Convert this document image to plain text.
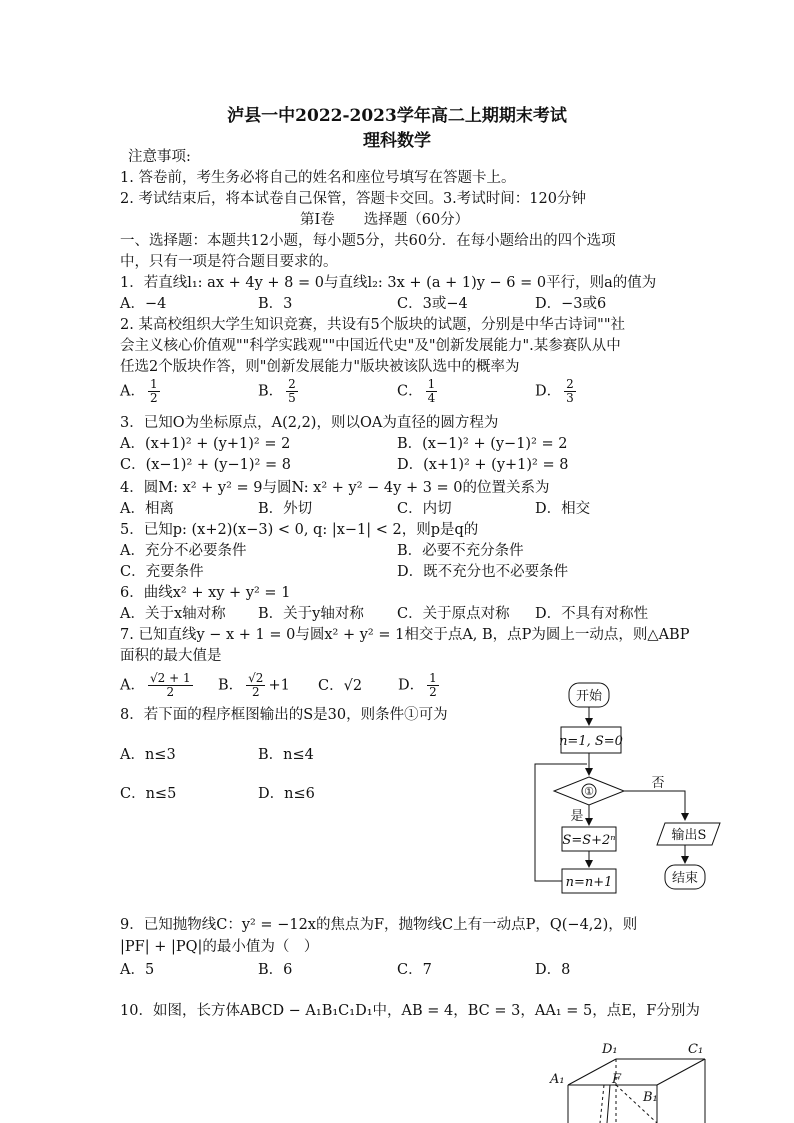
泸县一中2022-2023学年高二上期期末考试
理科数学
注意事项:
1. 答卷前，考生务必将自己的姓名和座位号填写在答题卡上。
2. 考试结束后，将本试卷自己保管，答题卡交回。3.考试时间：120分钟
第I卷　　选择题（60分）
一、选择题：本题共12小题，每小题5分，共60分．在每小题给出的四个选项
中，只有一项是符合题目要求的。
1．若直线l₁: ax + 4y + 8 = 0与直线l₂: 3x + (a + 1)y − 6 = 0平行，则a的值为
A．−4	B．3	C．3或−4	D．−3或6
2. 某高校组织大学生知识竞赛，共设有5个版块的试题，分别是中华古诗词""社
会主义核心价值观""科学实践观""中国近代史"及"创新发展能力".某参赛队从中
任选2个版块作答，则"创新发展能力"版块被该队选中的概率为
A． $\frac{1}{2}$	B． $\frac{2}{5}$	C． $\frac{1}{4}$	D． $\frac{2}{3}$
3．已知O为坐标原点，A(2,2)，则以OA为直径的圆方程为
A．(x+1)² + (y+1)² = 2	B．(x−1)² + (y−1)² = 2
C．(x−1)² + (y−1)² = 8	D．(x+1)² + (y+1)² = 8
4．圆M: x² + y² = 9与圆N: x² + y² − 4y + 3 = 0的位置关系为
A．相离	B．外切	C．内切	D．相交
5．已知p: (x+2)(x−3) < 0, q: |x−1| < 2，则p是q的
A．充分不必要条件	B．必要不充分条件
C．充要条件	D．既不充分也不必要条件
6．曲线x² + xy + y² = 1
A．关于x轴对称 B．关于y轴对称 C．关于原点对称 D．不具有对称性
7. 已知直线y − x + 1 = 0与圆x² + y² = 1相交于点A, B，点P为圆上一动点，则△ABP
面积的最大值是
A． $\frac{√2 + 1}{2}$ B． $\frac{√2}{2} +1$ C．√2 D． $\frac{1}{2}$
8．若下面的程序框图输出的S是30，则条件①可为
A．n≤3	B．n≤4
C．n≤5	D．n≤6
开始
n=1, S=0
①
否
是
S=S+2ⁿ
n=n+1
输出S
结束
9．已知抛物线C：y² = −12x的焦点为F，抛物线C上有一动点P，Q(−4,2)，则
|PF| + |PQ|的最小值为（　）
A．5	B．6	C．7	D．8
10．如图，长方体ABCD − A₁B₁C₁D₁中，AB = 4，BC = 3，AA₁ = 5，点E，F分别为
D₁	C₁
A₁
B₁
F
